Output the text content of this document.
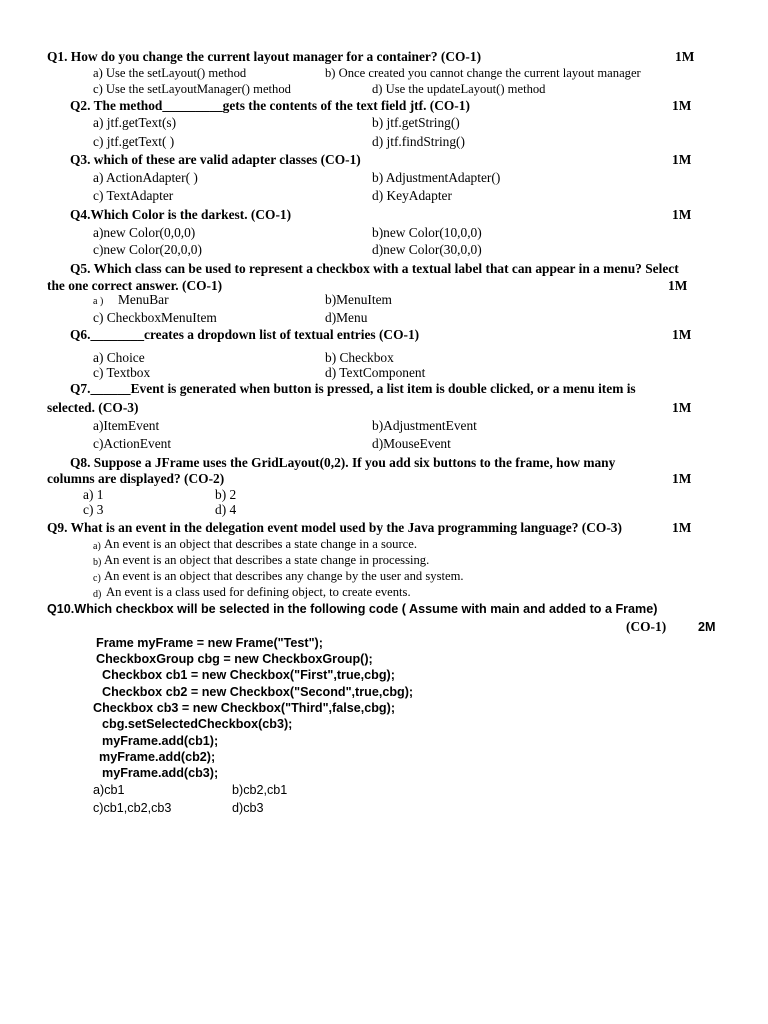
Q1. How do you change the current layout manager for a container? (CO-1)	1M
a) Use the setLayout() method	b) Once created you cannot change the current layout manager
c) Use the setLayoutManager() method	d) Use the updateLayout() method
Q2. The method_________gets the contents of the text field jtf. (CO-1)	1M
a) jtf.getText(s)	b) jtf.getString()
c) jtf.getText( )	d) jtf.findString()
Q3. which of these are valid adapter classes (CO-1)	1M
a) ActionAdapter( )	b) AdjustmentAdapter()
c) TextAdapter	d) KeyAdapter
Q4.Which Color is the darkest. (CO-1)	1M
a)new Color(0,0,0)	b)new Color(10,0,0)
c)new Color(20,0,0)	d)new Color(30,0,0)
Q5. Which class can be used to represent a checkbox with a textual label that can appear in a menu? Select
the one correct answer. (CO-1)	1M
a ) MenuBar	b)MenuItem
c) CheckboxMenuItem	d)Menu
Q6.________creates a dropdown list of textual entries (CO-1)	1M
a) Choice	b) Checkbox
c) Textbox	d) TextComponent
Q7.______Event is generated when button is pressed, a list item is double clicked, or a menu item is
selected. (CO-3)	1M
a)ItemEvent	b)AdjustmentEvent
c)ActionEvent	d)MouseEvent
Q8. Suppose a JFrame uses the GridLayout(0,2). If you add six buttons to the frame, how many
columns are displayed? (CO-2)	1M
a) 1	b) 2
c) 3	d) 4
Q9. What is an event in the delegation event model used by the Java programming language? (CO-3)	1M
a) An event is an object that describes a state change in a source.
b) An event is an object that describes a state change in processing.
c) An event is an object that describes any change by the user and system.
d) An event is a class used for defining object, to create events.
Q10.Which checkbox will be selected in the following code ( Assume with main and added to a Frame)
(CO-1)	2M
Frame myFrame = new Frame("Test");
CheckboxGroup cbg = new CheckboxGroup();
Checkbox cb1 = new Checkbox("First",true,cbg);
Checkbox cb2 = new Checkbox("Second",true,cbg);
Checkbox cb3 = new Checkbox("Third",false,cbg);
cbg.setSelectedCheckbox(cb3);
myFrame.add(cb1);
myFrame.add(cb2);
myFrame.add(cb3);
a)cb1	b)cb2,cb1
c)cb1,cb2,cb3	d)cb3
